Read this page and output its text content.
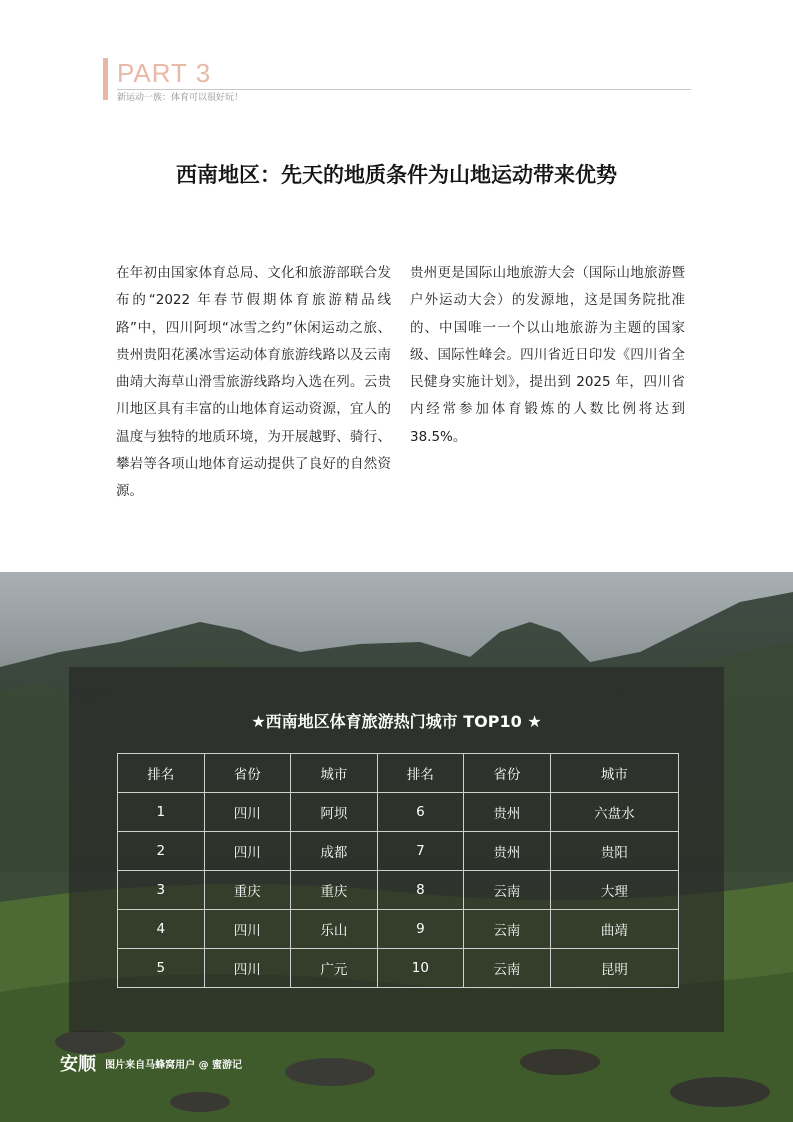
PART 3
新运动一族：体育可以很好玩！
西南地区：先天的地质条件为山地运动带来优势

在年初由国家体育总局、文化和旅游部联合发布的“2022 年春节假期体育旅游精品线路”中，四川阿坝“冰雪之约”休闲运动之旅、贵州贵阳花溪冰雪运动体育旅游线路以及云南曲靖大海草山滑雪旅游线路均入选在列。云贵川地区具有丰富的山地体育运动资源，宜人的温度与独特的地质环境，为开展越野、骑行、攀岩等各项山地体育运动提供了良好的自然资源。

贵州更是国际山地旅游大会（国际山地旅游暨户外运动大会）的发源地，这是国务院批准的、中国唯一一个以山地旅游为主题的国家级、国际性峰会。四川省近日印发《四川省全民健身实施计划》，提出到 2025 年，四川省内经常参加体育锻炼的人数比例将达到 38.5%。

★西南地区体育旅游热门城市 TOP10 ★
排名	省份	城市	排名	省份	城市
1	四川	阿坝	6	贵州	六盘水
2	四川	成都	7	贵州	贵阳
3	重庆	重庆	8	云南	大理
4	四川	乐山	9	云南	曲靖
5	四川	广元	10	云南	昆明
安顺 图片来自马蜂窝用户 @ 蜜游记
